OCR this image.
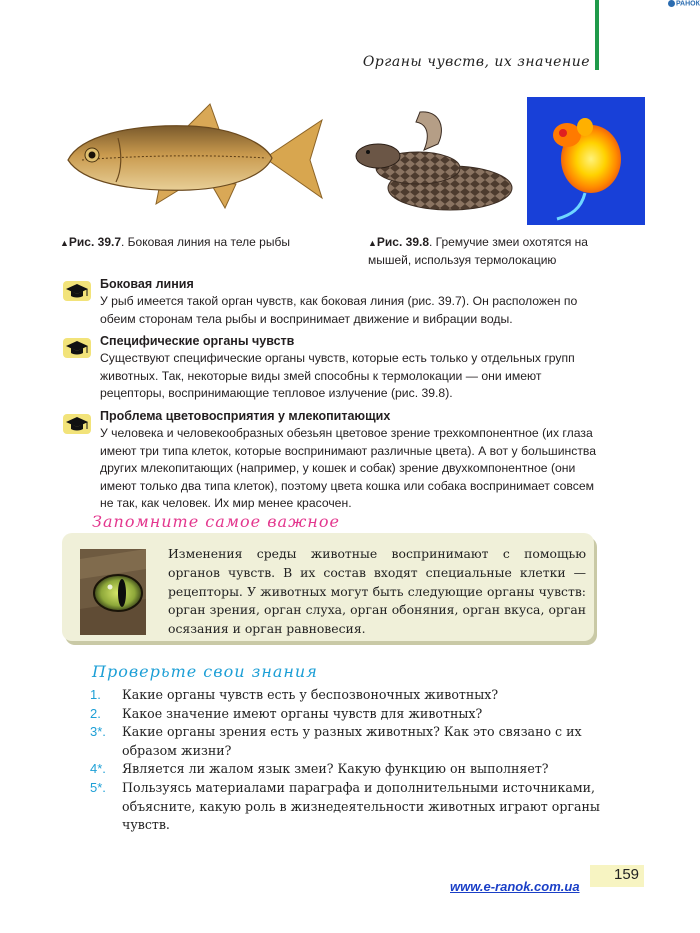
РАНОК
Органы чувств, их значение
▲Рис. 39.7. Боковая линия на теле рыбы	▲Рис. 39.8. Гремучие змеи охотятся на мышей, используя термолокацию
Боковая линия

У рыб имеется такой орган чувств, как боковая линия (рис. 39.7). Он расположен по обеим сторонам тела рыбы и воспринимает движение и вибрации воды.

Специфические органы чувств

Существуют специфические органы чувств, которые есть только у отдельных групп животных. Так, некоторые виды змей способны к термолокации — они имеют рецепторы, воспринимающие тепловое излучение (рис. 39.8).

Проблема цветовосприятия у млекопитающих

У человека и человекообразных обезьян цветовое зрение трехкомпонентное (их глаза имеют три типа клеток, которые воспринимают различные цвета). А вот у большинства других млекопитающих (например, у кошек и собак) зрение двухкомпонентное (они имеют только два типа клеток), поэтому цвета кошка или собака воспринимает совсем не так, как человек. Их мир менее красочен.

Запомните самое важное
Изменения среды животные воспринимают с помощью органов чувств. В их состав входят специальные клетки — рецепторы. У животных могут быть следующие органы чувств: орган зрения, орган слуха, орган обоняния, орган вкуса, орган осязания и орган равновесия.
Проверьте свои знания
1. Какие органы чувств есть у беспозвоночных животных?
2. Какое значение имеют органы чувств для животных?
3*. Какие органы зрения есть у разных животных? Как это связано с их образом жизни?
4*. Является ли жалом язык змеи? Какую функцию он выполняет?
5*. Пользуясь материалами параграфа и дополнительными источниками, объясните, какую роль в жизнедеятельности животных играют органы чувств.
159
www.e-ranok.com.ua
